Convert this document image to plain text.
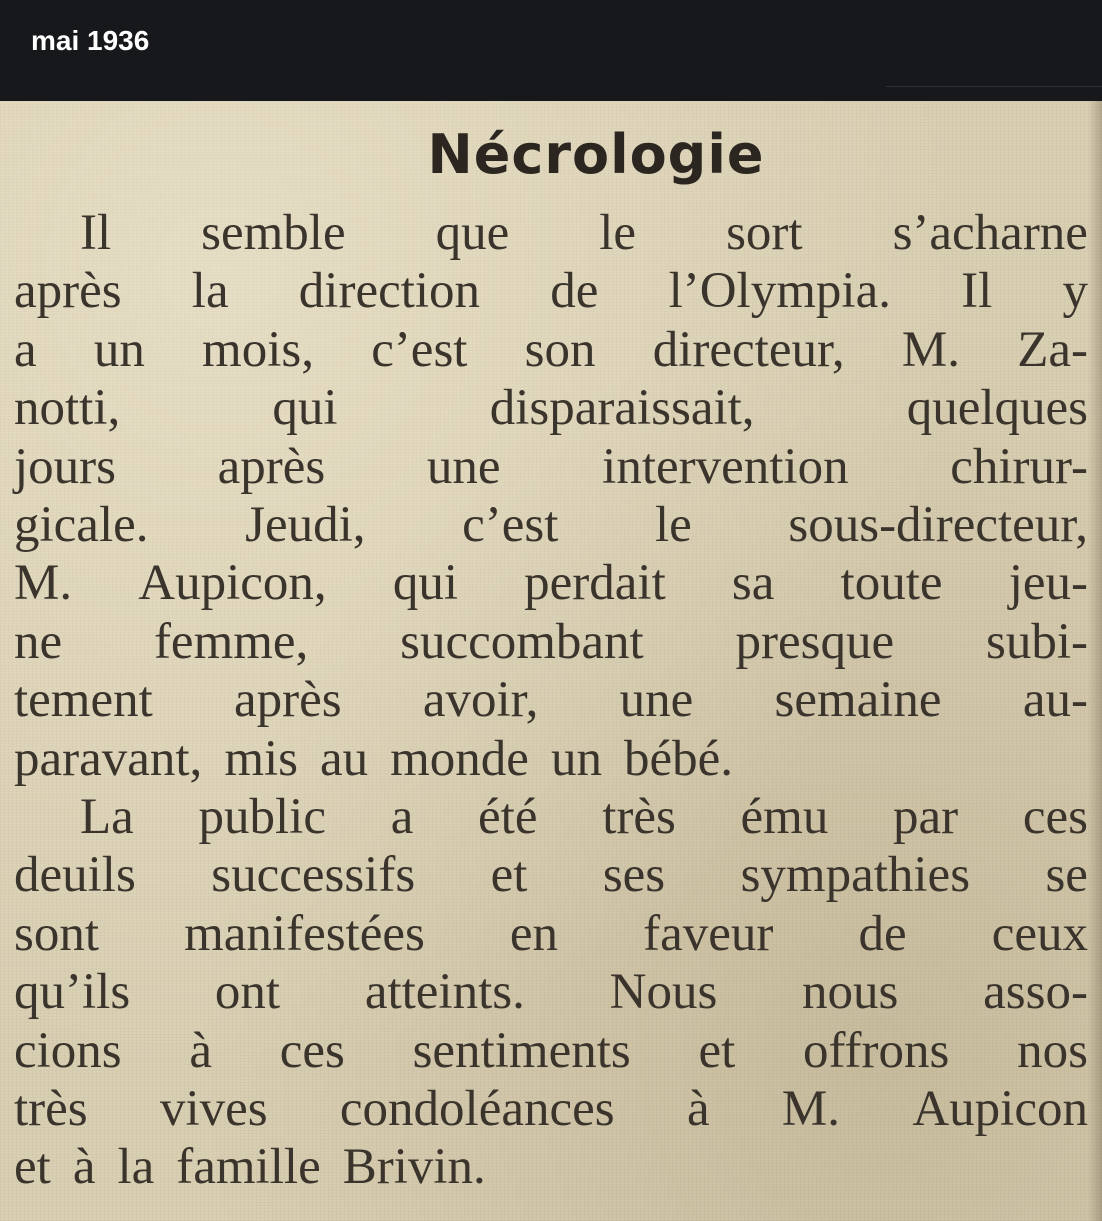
mai 1936
Nécrologie
Il semble que le sort s’acharne
après la direction de l’Olympia. Il y
a un mois, c’est son directeur, M. Za-
notti,	qui	disparaissait,	quelques
jours après une intervention chirur-
gicale. Jeudi, c’est le sous-directeur,
M. Aupicon, qui perdait sa toute jeu-
ne femme, succombant presque subi-
tement après avoir, une semaine au-
paravant, mis au monde un bébé.
La public a été très ému par ces
deuils successifs et ses sympathies se
sont manifestées en faveur de ceux
qu’ils ont atteints. Nous nous asso-
cions à ces sentiments et offrons nos
très vives condoléances à M. Aupicon
et à la famille Brivin.
